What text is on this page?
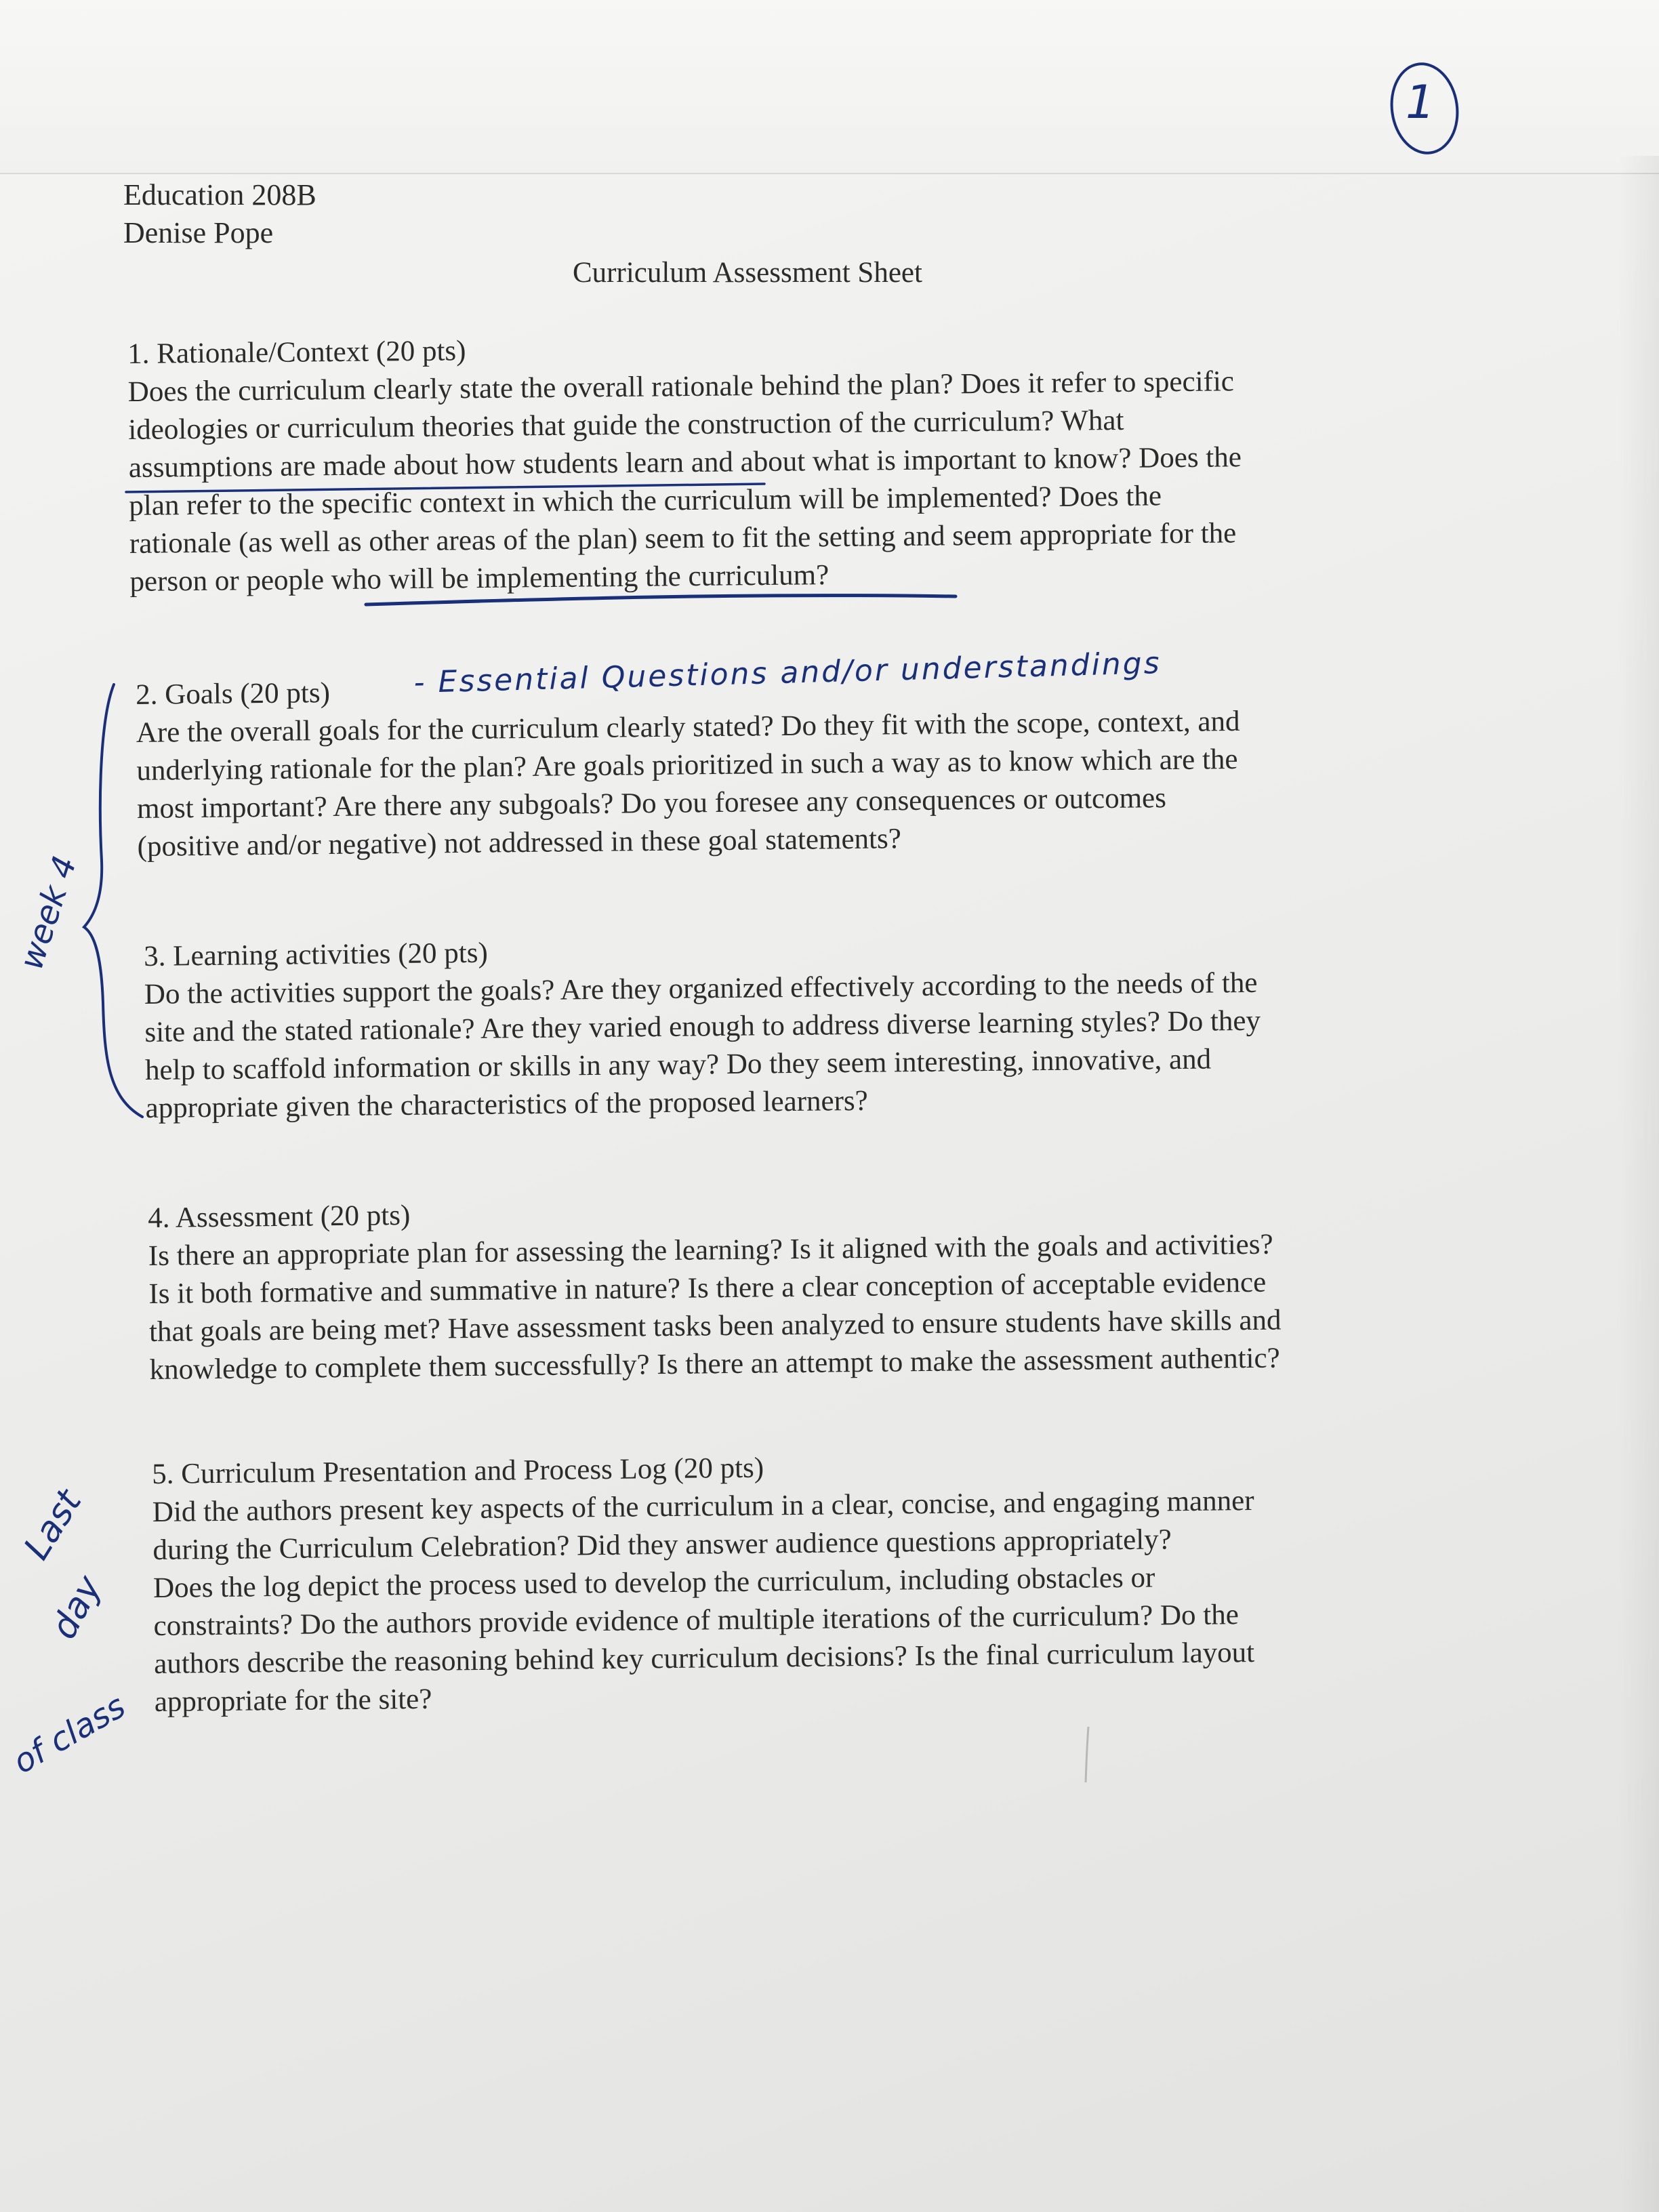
Education 208B
Denise Pope
Curriculum Assessment Sheet
1. Rationale/Context (20 pts)
Does the curriculum clearly state the overall rationale behind the plan? Does it refer to specific
ideologies or curriculum theories that guide the construction of the curriculum? What
assumptions are made about how students learn and about what is important to know? Does the
plan refer to the specific context in which the curriculum will be implemented? Does the
rationale (as well as other areas of the plan) seem to fit the setting and seem appropriate for the
person or people who will be implementing the curriculum?
2. Goals (20 pts)
Are the overall goals for the curriculum clearly stated? Do they fit with the scope, context, and
underlying rationale for the plan? Are goals prioritized in such a way as to know which are the
most important? Are there any subgoals? Do you foresee any consequences or outcomes
(positive and/or negative) not addressed in these goal statements?
3. Learning activities (20 pts)
Do the activities support the goals? Are they organized effectively according to the needs of the
site and the stated rationale? Are they varied enough to address diverse learning styles? Do they
help to scaffold information or skills in any way? Do they seem interesting, innovative, and
appropriate given the characteristics of the proposed learners?
4. Assessment (20 pts)
Is there an appropriate plan for assessing the learning? Is it aligned with the goals and activities?
Is it both formative and summative in nature? Is there a clear conception of acceptable evidence
that goals are being met? Have assessment tasks been analyzed to ensure students have skills and
knowledge to complete them successfully? Is there an attempt to make the assessment authentic?
5. Curriculum Presentation and Process Log (20 pts)
Did the authors present key aspects of the curriculum in a clear, concise, and engaging manner
during the Curriculum Celebration? Did they answer audience questions appropriately?
Does the log depict the process used to develop the curriculum, including obstacles or
constraints? Do the authors provide evidence of multiple iterations of the curriculum? Do the
authors describe the reasoning behind key curriculum decisions? Is the final curriculum layout
appropriate for the site?
1
- Essential Questions and/or understandings
week 4
Last
day
of class
